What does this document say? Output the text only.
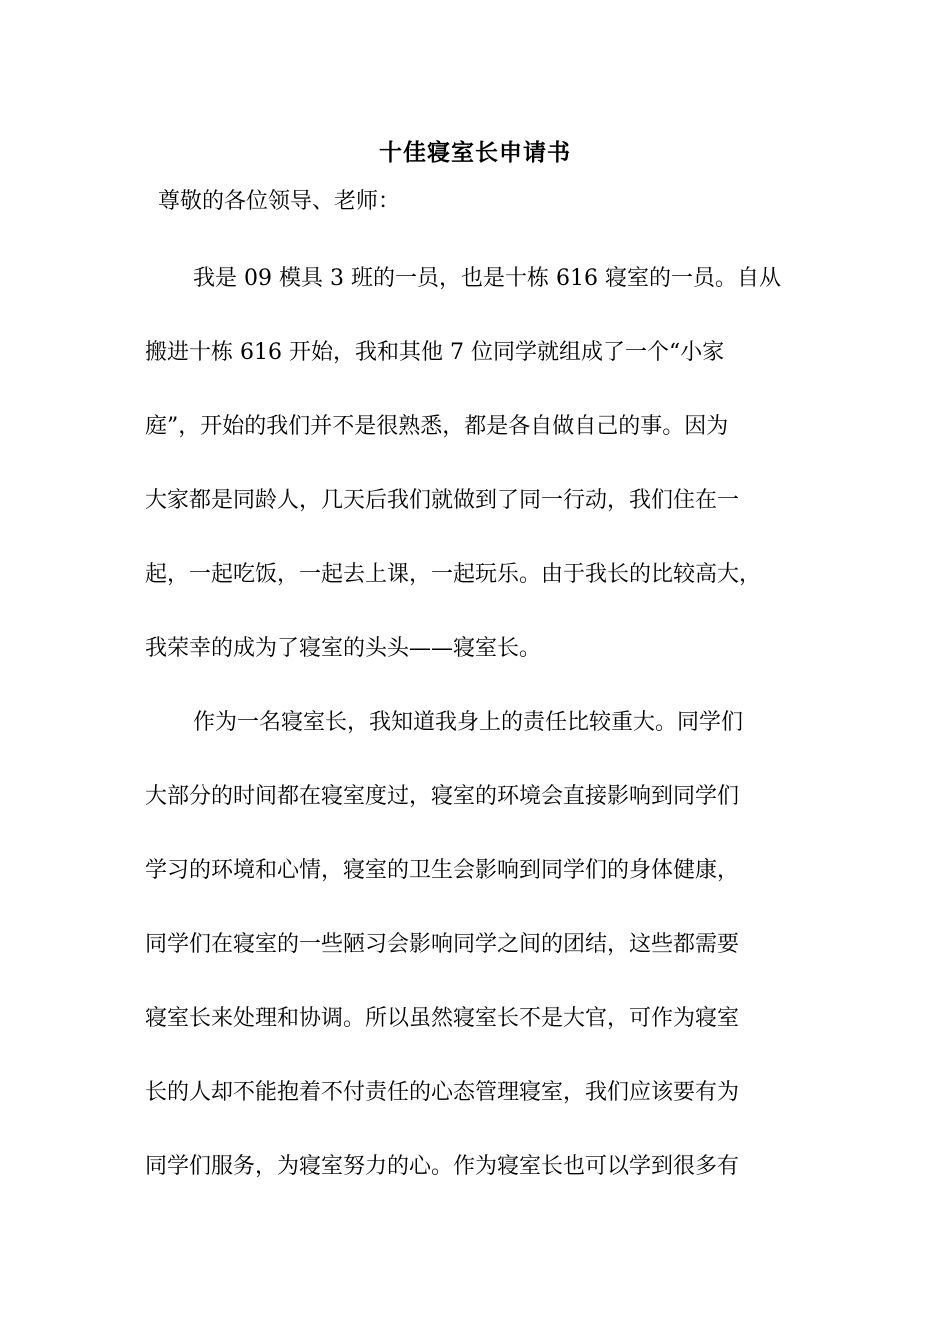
十佳寝室长申请书
尊敬的各位领导、老师：
我是 09 模具 3 班的一员，也是十栋 616 寝室的一员。自从
搬进十栋 616 开始，我和其他 7 位同学就组成了一个“小家
庭”，开始的我们并不是很熟悉，都是各自做自己的事。因为
大家都是同龄人，几天后我们就做到了同一行动，我们住在一
起，一起吃饭，一起去上课，一起玩乐。由于我长的比较高大，
我荣幸的成为了寝室的头头——寝室长。
作为一名寝室长，我知道我身上的责任比较重大。同学们
大部分的时间都在寝室度过，寝室的环境会直接影响到同学们
学习的环境和心情，寝室的卫生会影响到同学们的身体健康，
同学们在寝室的一些陋习会影响同学之间的团结，这些都需要
寝室长来处理和协调。所以虽然寝室长不是大官，可作为寝室
长的人却不能抱着不付责任的心态管理寝室，我们应该要有为
同学们服务，为寝室努力的心。作为寝室长也可以学到很多有
